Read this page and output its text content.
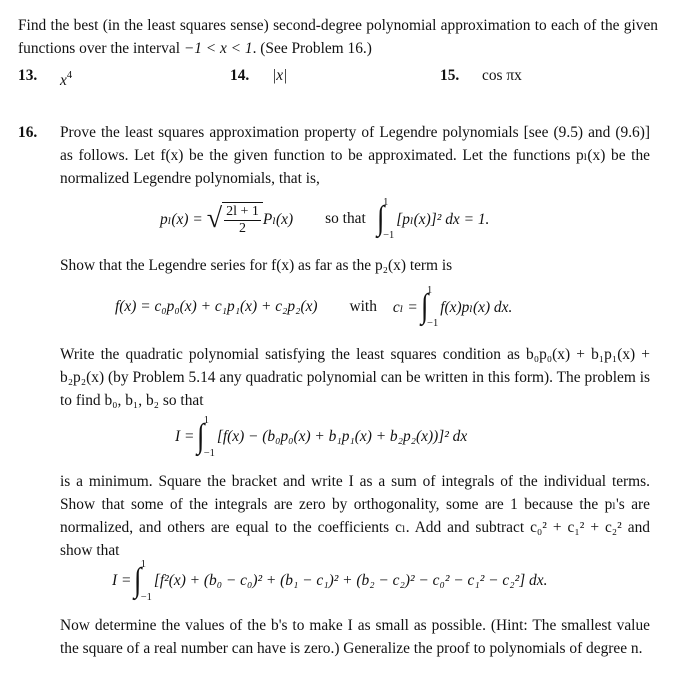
Find the best (in the least squares sense) second-degree polynomial approximation to each of the given functions over the interval −1 < x < 1. (See Problem 16.)
13. $x^4$	14. |x|	15. cos πx
16. Prove the least squares approximation property of Legendre polynomials [see (9.5) and (9.6)] as follows. Let f(x) be the given function to be approximated. Let the functions pₗ(x) be the normalized Legendre polynomials, that is,
pₗ(x) = √ $\frac{2l + 1}{2} P_l(x)$ so that ∫
1
−1
[pₗ(x)]² dx = 1.
Show that the Legendre series for f(x) as far as the p₂(x) term is
f(x) = c₀p₀(x) + c₁p₁(x) + c₂p₂(x) with cₗ = ∫
1
−1
f(x)pₗ(x) dx.
Write the quadratic polynomial satisfying the least squares condition as b₀p₀(x) + b₁p₁(x) + b₂p₂(x) (by Problem 5.14 any quadratic polynomial can be written in this form). The problem is to find b₀, b₁, b₂ so that
I = ∫
1
−1
[f(x) − (b₀p₀(x) + b₁p₁(x) + b₂p₂(x))]² dx
is a minimum. Square the bracket and write I as a sum of integrals of the individual terms. Show that some of the integrals are zero by orthogonality, some are 1 because the pₗ's are normalized, and others are equal to the coefficients cₗ. Add and subtract c₀² + c₁² + c₂² and show that
I = ∫
1
−1
[f²(x) + (b₀ − c₀)² + (b₁ − c₁)² + (b₂ − c₂)² − c₀² − c₁² − c₂²] dx.
Now determine the values of the b's to make I as small as possible. (Hint: The smallest value the square of a real number can have is zero.) Generalize the proof to polynomials of degree n.
